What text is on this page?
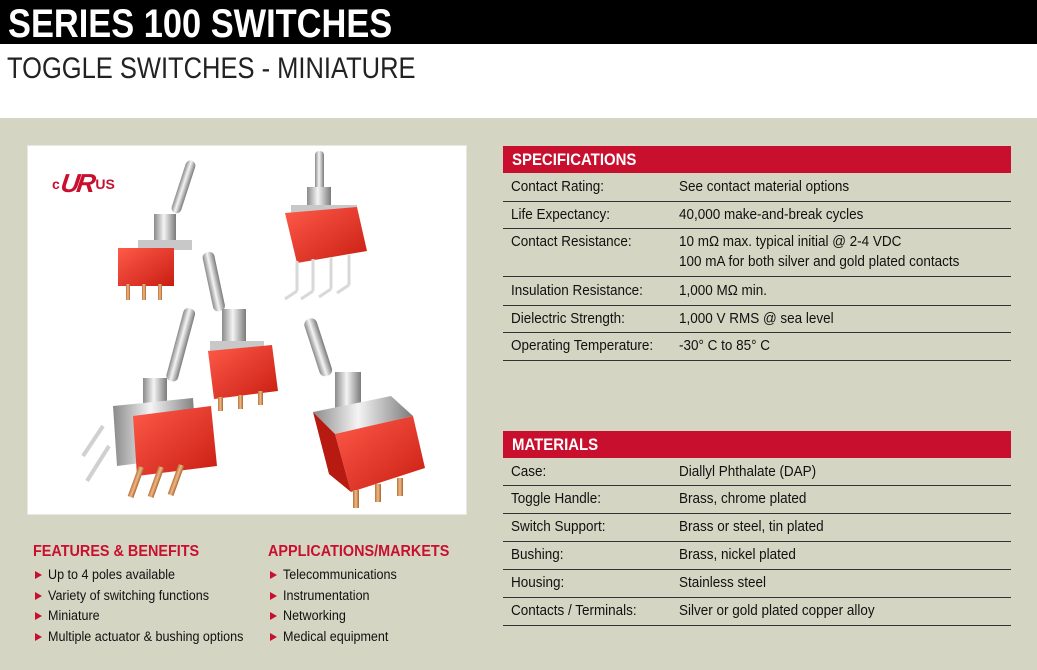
SERIES 100 SWITCHES
TOGGLE SWITCHES - MINIATURE
c
UR US
SPECIFICATIONS
Contact Rating:	See contact material options
Life Expectancy:	40,000 make-and-break cycles
Contact Resistance:	10 mΩ max. typical initial @ 2-4 VDC
100 mA for both silver and gold plated contacts
Insulation Resistance: 1,000 MΩ min.
Dielectric Strength:	1,000 V RMS @ sea level
Operating Temperature: -30° C to 85° C
MATERIALS
Case:	Diallyl Phthalate (DAP)
Toggle Handle:	Brass, chrome plated
Switch Support:	Brass or steel, tin plated
Bushing:	Brass, nickel plated
Housing:	Stainless steel
Contacts / Terminals:	Silver or gold plated copper alloy
FEATURES & BENEFITS
Up to 4 poles available
Variety of switching functions
Miniature
Multiple actuator & bushing options
APPLICATIONS/MARKETS
Telecommunications
Instrumentation
Networking
Medical equipment
